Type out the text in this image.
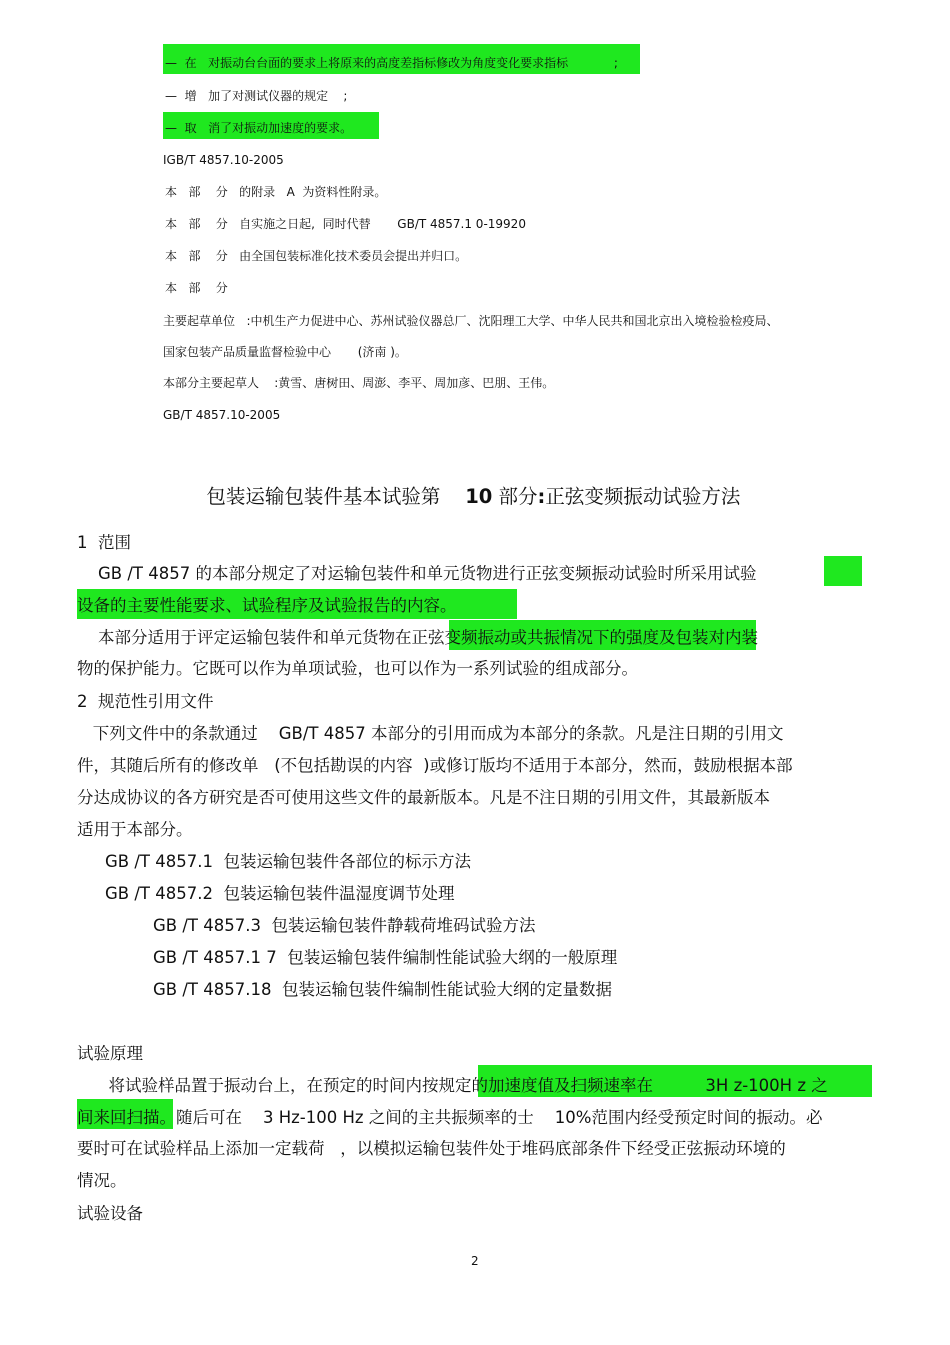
—  在   对振动台台面的要求上将原来的高度差指标修改为角度变化要求指标            ;
—  增   加了对测试仪器的规定    ;
—  取   消了对振动加速度的要求。
IGB/T 4857.10-2005
本   部    分   的附录   A  为资料性附录。
本   部    分   自实施之日起,  同时代替       GB/T 4857.1 0-19920
本   部    分   由全国包装标准化技术委员会提出并归口。
本   部    分
主要起草单位   :中机生产力促进中心、苏州试验仪器总厂、沈阳理工大学、中华人民共和国北京出入境检验检疫局、
国家包装产品质量监督检验中心       (济南 )。
本部分主要起草人    :黄雪、唐树田、周澎、李平、周加彦、巴朋、王伟。
GB/T 4857.10-2005

包装运输包装件基本试验第    10 部分:正弦变频振动试验方法

1  范围
GB /T 4857 的本部分规定了对运输包装件和单元货物进行正弦变频振动试验时所采用试验
设备的主要性能要求、试验程序及试验报告的内容。
本部分适用于评定运输包装件和单元货物在正弦变频振动或共振情况下的强度及包装对内装
物的保护能力。它既可以作为单项试验，也可以作为一系列试验的组成部分。
2  规范性引用文件
下列文件中的条款通过    GB/T 4857 本部分的引用而成为本部分的条款。凡是注日期的引用文
件，其随后所有的修改单   (不包括勘误的内容  )或修订版均不适用于本部分，然而，鼓励根据本部
分达成协议的各方研究是否可使用这些文件的最新版本。凡是不注日期的引用文件，其最新版本
适用于本部分。
GB /T 4857.1  包装运输包装件各部位的标示方法
GB /T 4857.2  包装运输包装件温湿度调节处理
GB /T 4857.3  包装运输包装件静载荷堆码试验方法
GB /T 4857.1 7  包装运输包装件编制性能试验大纲的一般原理
GB /T 4857.18  包装运输包装件编制性能试验大纲的定量数据
试验原理
将试验样品置于振动台上，在预定的时间内按规定的加速度值及扫频速率在          3H z-100H z 之
间来回扫描。随后可在    3 Hz-100 Hz 之间的主共振频率的士    10%范围内经受预定时间的振动。必
要时可在试验样品上添加一定载荷   ，以模拟运输包装件处于堆码底部条件下经受正弦振动环境的
情况。
试验设备
2
